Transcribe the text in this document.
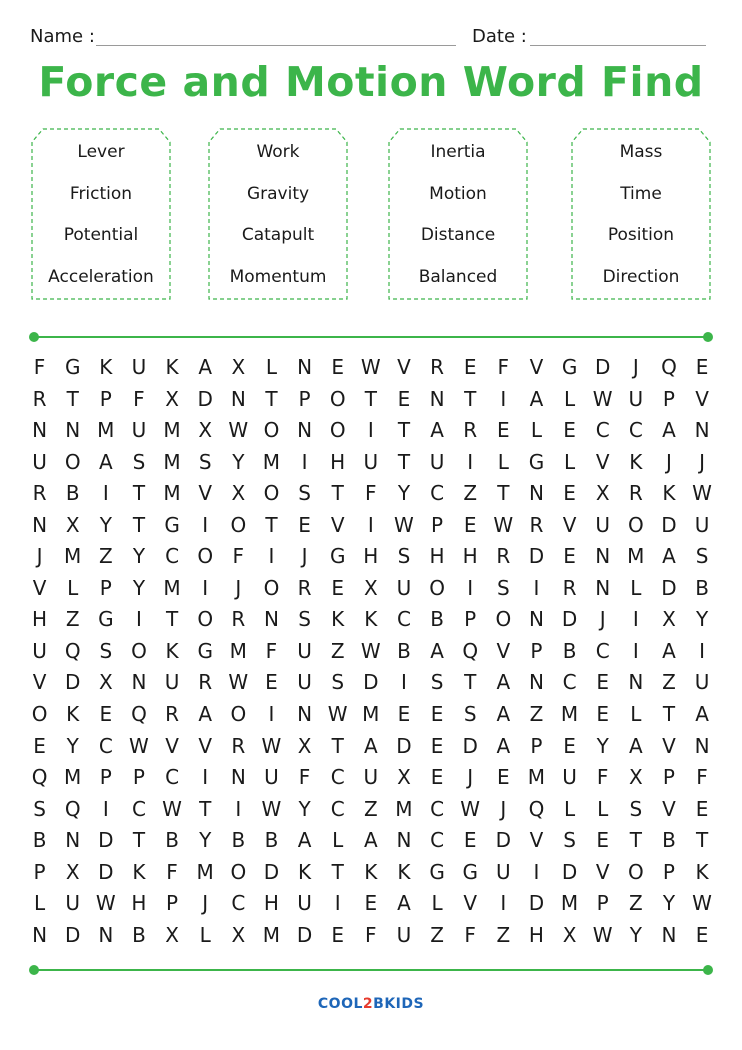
Name :	Date :
Force and Motion Word Find
Lever
Friction
Potential
Acceleration
Work
Gravity
Catapult
Momentum
Inertia
Motion
Distance
Balanced
Mass
Time
Position
Direction
F G K U K A X	L	N E W V R E	F	V G D	J	Q E
R	T	P	F	X D N T	P O T	E N T	I	A	L W U P	V
N N M U M X W O N O	I	T	A R E	L	E C C A N
U O A S M S	Y M	I	H U T U	I	L G L	V K	J	J
R B	I	T M V X O S	T	F	Y	C Z	T N E X R K W
N X	Y	T G	I	O T	E V	I	W P	E W R V U O D U
J	M Z	Y	C O F	I	J	G H S H H R D E N M A S
V	L	P	Y M	I	J	O R E X U O	I	S	I	R N	L D B
H Z G	I	T O R N S	K	K C B	P O N D	J	I	X	Y
U Q S O K G M F	U Z W B A Q V	P	B C	I	A	I
V D X N U R W E U S D	I	S	T	A N C E N Z U
O K	E Q R A O	I	N W M E	E	S A Z M E	L	T	A
E	Y	C W V V R W X	T	A D E D A	P	E	Y	A V N
Q M P	P	C	I	N U	F	C U X E	J	E M U	F	X	P	F
S Q	I	C W T	I	W Y	C Z M C W	J	Q L	L	S V E
B N D T	B	Y	B B A	L	A N C E D V S	E	T	B	T
P	X D K	F M O D K	T	K	K G G U	I	D V O P	K
L	U W H P	J	C H U	I	E A	L	V	I	D M P	Z	Y W
N D N B X	L	X M D E	F	U Z	F	Z H X W Y N E
COOL2BKIDS
